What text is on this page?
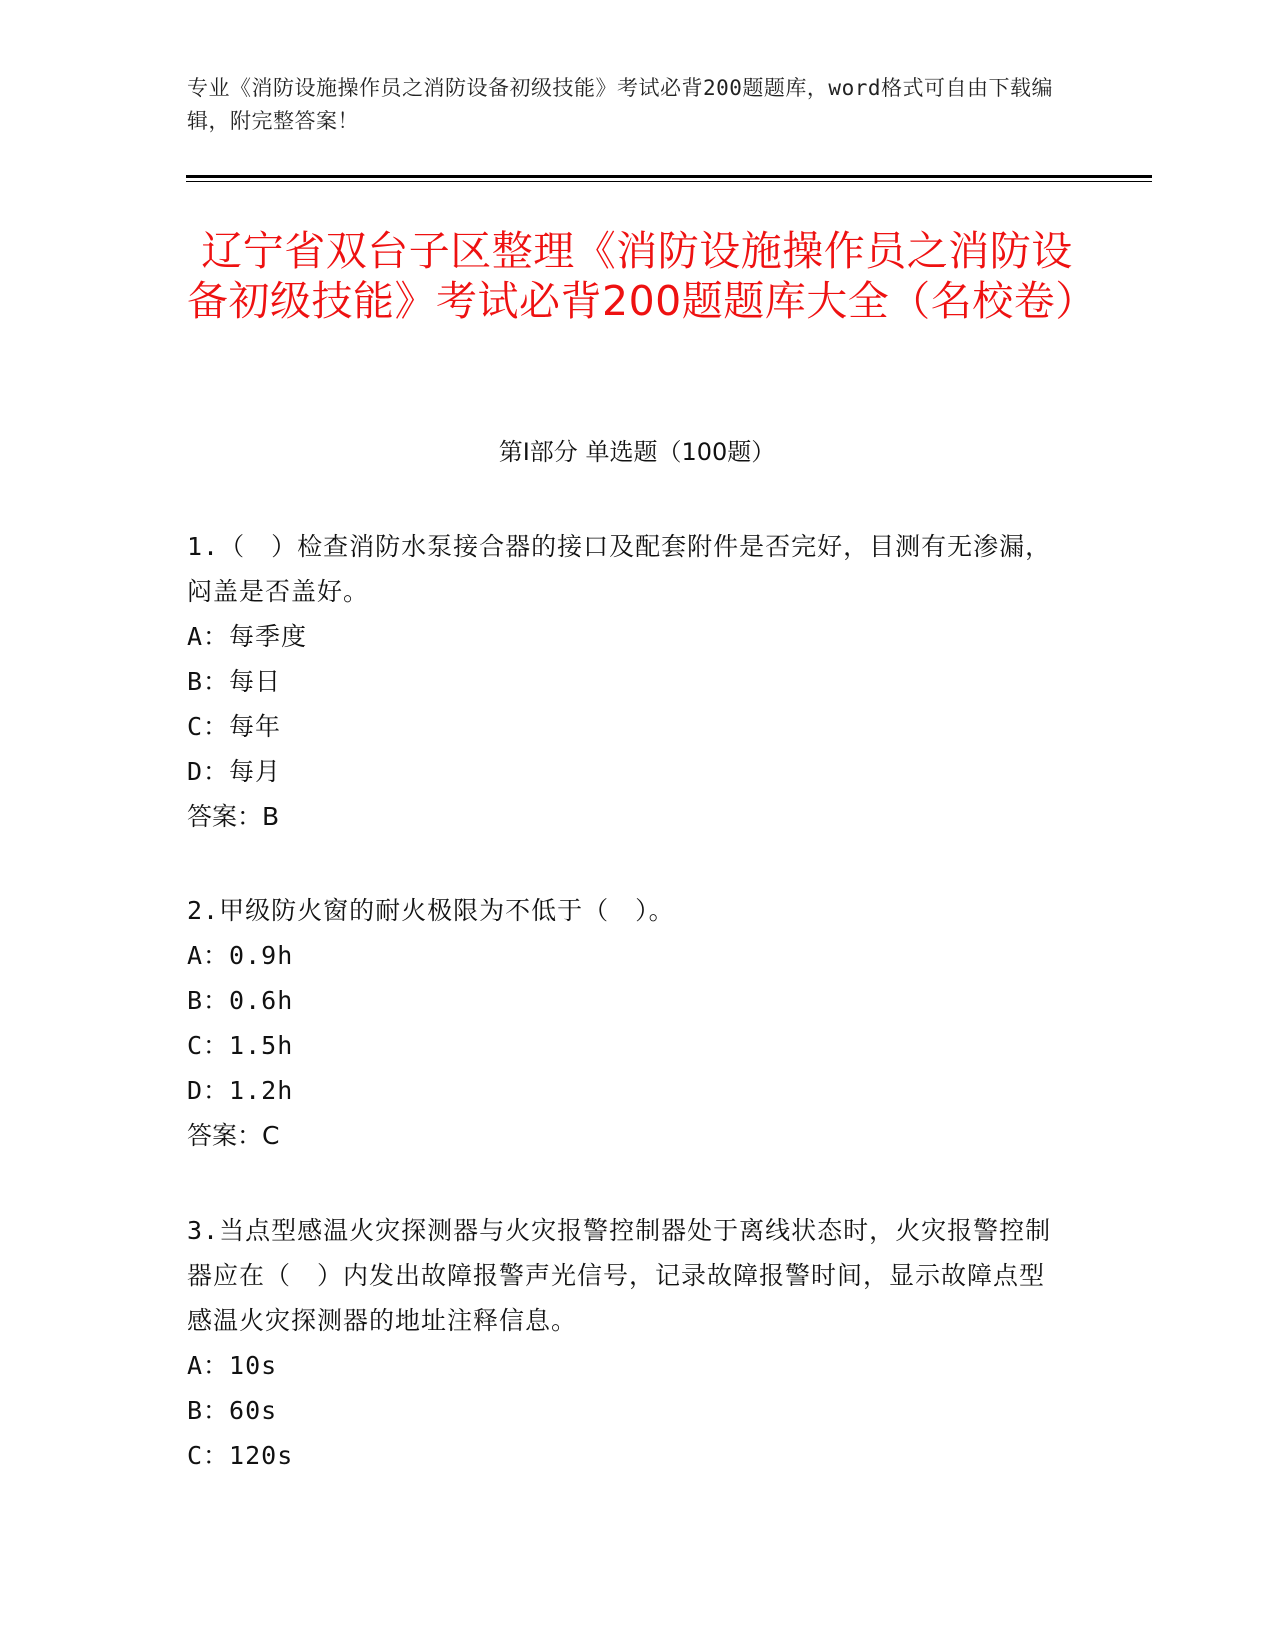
专业《消防设施操作员之消防设备初级技能》考试必背200题题库，word格式可自由下载编辑，附完整答案！
辽宁省双台子区整理《消防设施操作员之消防设备初级技能》考试必背200题题库大全（名校卷）
第I部分 单选题（100题）
1.（　）检查消防水泵接合器的接口及配套附件是否完好，目测有无渗漏，闷盖是否盖好。
A：每季度
B：每日
C：每年
D：每月
答案：B
2.甲级防火窗的耐火极限为不低于（　）。
A：0.9h
B：0.6h
C：1.5h
D：1.2h
答案：C
3.当点型感温火灾探测器与火灾报警控制器处于离线状态时，火灾报警控制器应在（　）内发出故障报警声光信号，记录故障报警时间，显示故障点型感温火灾探测器的地址注释信息。
A：10s
B：60s
C：120s
